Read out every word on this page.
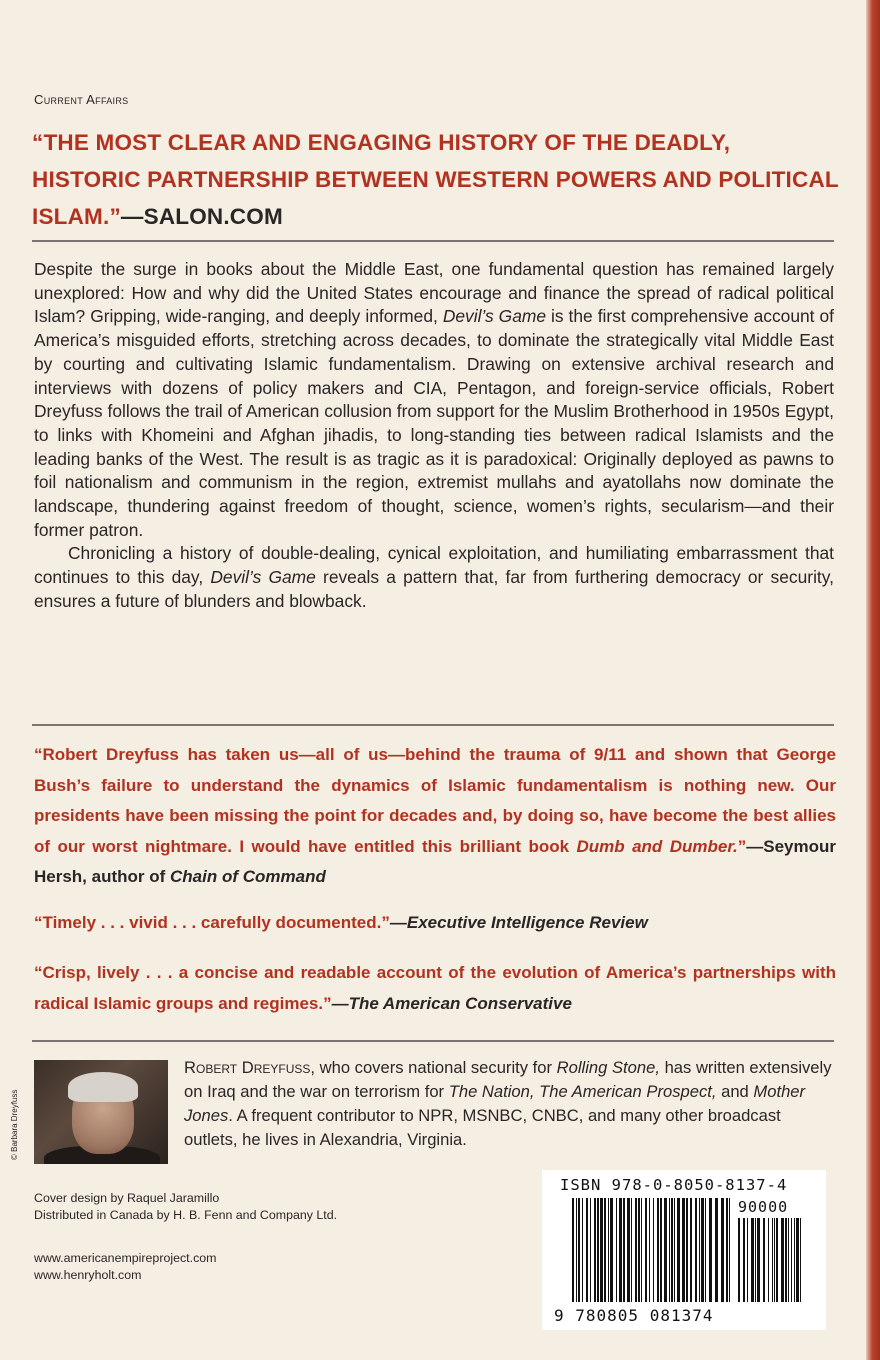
Current Affairs
“THE MOST CLEAR AND ENGAGING HISTORY OF THE DEADLY, HISTORIC PARTNERSHIP BETWEEN WESTERN POWERS AND POLITICAL ISLAM.”—SALON.COM

Despite the surge in books about the Middle East, one fundamental question has remained largely unexplored: How and why did the United States encourage and finance the spread of radical political Islam? Gripping, wide-ranging, and deeply informed, Devil’s Game is the first comprehensive account of America’s misguided efforts, stretching across decades, to dominate the strategically vital Middle East by courting and cultivating Islamic fundamentalism. Drawing on extensive archival research and interviews with dozens of policy makers and CIA, Pentagon, and foreign-service officials, Robert Dreyfuss follows the trail of American collusion from support for the Muslim Brotherhood in 1950s Egypt, to links with Khomeini and Afghan jihadis, to long-standing ties between radical Islamists and the leading banks of the West. The result is as tragic as it is paradoxical: Originally deployed as pawns to foil nationalism and communism in the region, extremist mullahs and ayatollahs now dominate the landscape, thundering against freedom of thought, science, women’s rights, secularism—and their former patron.

Chronicling a history of double-dealing, cynical exploitation, and humiliating embarrassment that continues to this day, Devil’s Game reveals a pattern that, far from furthering democracy or security, ensures a future of blunders and blowback.

“Robert Dreyfuss has taken us—all of us—behind the trauma of 9/11 and shown that George Bush’s failure to understand the dynamics of Islamic fundamentalism is nothing new. Our presidents have been missing the point for decades and, by doing so, have become the best allies of our worst nightmare. I would have entitled this brilliant book Dumb and Dumber.”—Seymour Hersh, author of Chain of Command
“Timely . . . vivid . . . carefully documented.”—Executive Intelligence Review
“Crisp, lively . . . a concise and readable account of the evolution of America’s partnerships with radical Islamic groups and regimes.”—The American Conservative
© Barbara Dreyfuss
Robert Dreyfuss, who covers national security for Rolling Stone, has written extensively on Iraq and the war on terrorism for The Nation, The American Prospect, and Mother Jones. A frequent contributor to NPR, MSNBC, CNBC, and many other broadcast outlets, he lives in Alexandria, Virginia.
Cover design by Raquel Jaramillo
Distributed in Canada by H. B. Fenn and Company Ltd.
www.americanempireproject.com
www.henryholt.com
ISBN 978-0-8050-8137-4
90000
9 780805 081374
